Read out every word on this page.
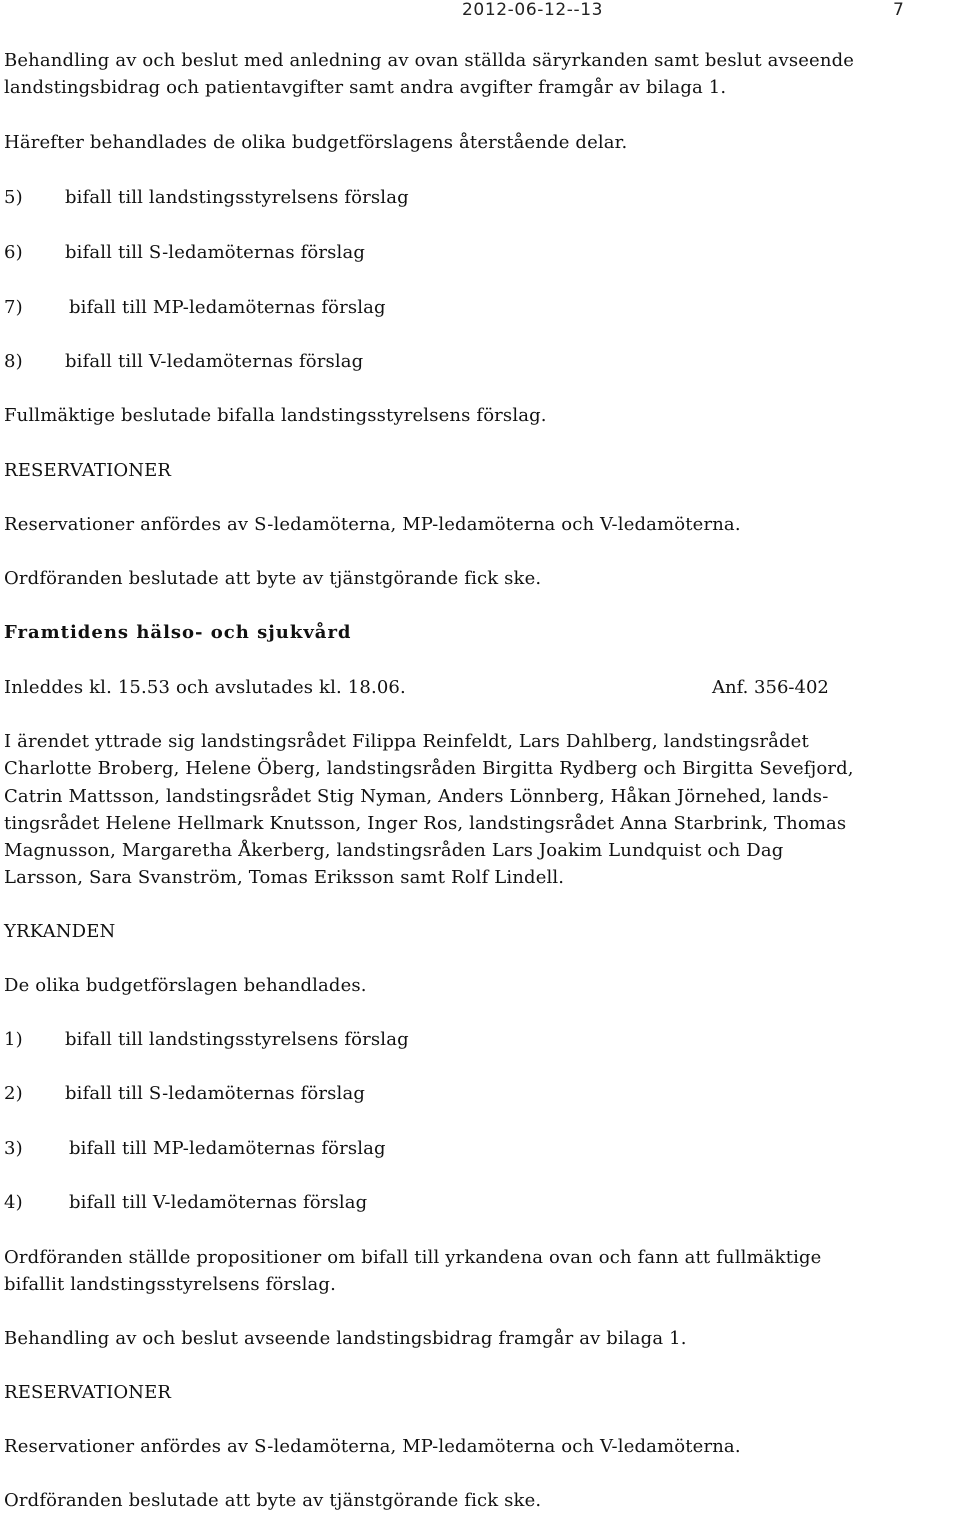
2012-06-12--13	7
Behandling av och beslut med anledning av ovan ställda säryrkanden samt beslut avseende
landstingsbidrag och patientavgifter samt andra avgifter framgår av bilaga 1.
Härefter behandlades de olika budgetförslagens återstående delar.
5) bifall till landstingsstyrelsens förslag
6) bifall till S-ledamöternas förslag
7)	bifall till MP-ledamöternas förslag
8) bifall till V-ledamöternas förslag
Fullmäktige beslutade bifalla landstingsstyrelsens förslag.
RESERVATIONER
Reservationer anfördes av S-ledamöterna, MP-ledamöterna och V-ledamöterna.
Ordföranden beslutade att byte av tjänstgörande fick ske.
Framtidens hälso- och sjukvård
Inleddes kl. 15.53 och avslutades kl. 18.06.	Anf. 356-402
I ärendet yttrade sig landstingsrådet Filippa Reinfeldt, Lars Dahlberg, landstingsrådet
Charlotte Broberg, Helene Öberg, landstingsråden Birgitta Rydberg och Birgitta Sevefjord,
Catrin Mattsson, landstingsrådet Stig Nyman, Anders Lönnberg, Håkan Jörnehed, lands-
tingsrådet Helene Hellmark Knutsson, Inger Ros, landstingsrådet Anna Starbrink, Thomas
Magnusson, Margaretha Åkerberg, landstingsråden Lars Joakim Lundquist och Dag
Larsson, Sara Svanström, Tomas Eriksson samt Rolf Lindell.
YRKANDEN
De olika budgetförslagen behandlades.
1) bifall till landstingsstyrelsens förslag
2) bifall till S-ledamöternas förslag
3)	bifall till MP-ledamöternas förslag
4)	bifall till V-ledamöternas förslag
Ordföranden ställde propositioner om bifall till yrkandena ovan och fann att fullmäktige
bifallit landstingsstyrelsens förslag.
Behandling av och beslut avseende landstingsbidrag framgår av bilaga 1.
RESERVATIONER
Reservationer anfördes av S-ledamöterna, MP-ledamöterna och V-ledamöterna.
Ordföranden beslutade att byte av tjänstgörande fick ske.
